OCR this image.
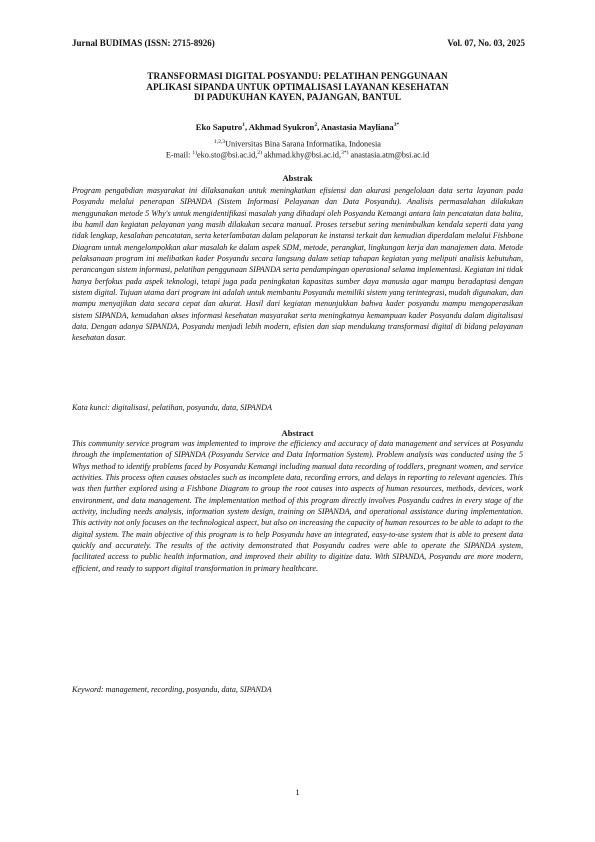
Jurnal BUDIMAS (ISSN: 2715-8926)	Vol. 07, No. 03, 2025
TRANSFORMASI DIGITAL POSYANDU: PELATIHAN PENGGUNAAN
APLIKASI SIPANDA UNTUK OPTIMALISASI LAYANAN KESEHATAN
DI PADUKUHAN KAYEN, PAJANGAN, BANTUL
Eko Saputro$^1$, Akhmad Syukron$^2$, Anastasia Mayliana$^{3*}$
$^{1,2,3}$Universitas Bina Sarana Informatika, Indonesia
E-mail: $^{1)}$eko.sto@bsi.ac.id,$^{2)}$ akhmad.khy@bsi.ac.id,$^{3*)}$ anastasia.atm@bsi.ac.id
Abstrak

Program pengabdian masyarakat ini dilaksanakan untuk meningkatkan efisiensi dan akurasi pengelolaan data serta layanan pada Posyandu melalui penerapan SIPANDA (Sistem Informasi Pelayanan dan Data Posyandu). Analisis permasalahan dilakukan menggunakan metode 5 Why's untuk mengidentifikasi masalah yang dihadapi oleh Posyandu Kemangi antara lain pencatatan data balita, ibu hamil dan kegiatan pelayanan yang masih dilakukan secara manual. Proses tersebut sering menimbulkan kendala seperti data yang tidak lengkap, kesalahan pencatatan, serta keterlambatan dalam pelaporan ke instansi terkait dan kemudian diperdalam melalui Fishbone Diagram untuk mengelompokkan akar masalah ke dalam aspek SDM, metode, perangkat, lingkungan kerja dan manajemen data. Metode pelaksanaan program ini melibatkan kader Posyandu secara langsung dalam setiap tahapan kegiatan yang meliputi analisis kebutuhan, perancangan sistem informasi, pelatihan penggunaan SIPANDA serta pendampingan operasional selama implementasi. Kegiatan ini tidak hanya berfokus pada aspek teknologi, tetapi juga pada peningkatan kapasitas sumber daya manusia agar mampu beradaptasi dengan sistem digital. Tujuan utama dari program ini adalah untuk membantu Posyandu memiliki sistem yang terintegrasi, mudah digunakan, dan mampu menyajikan data secara cepat dan akurat. Hasil dari kegiatan menunjukkan bahwa kader posyandu mampu mengoperasikan sistem SIPANDA, kemudahan akses informasi kesehatan masyarakat serta meningkatnya kemampuan kader Posyandu dalam digitalisasi data. Dengan adanya SIPANDA, Posyandu menjadi lebih modern, efisien dan siap mendukung transformasi digital di bidang pelayanan kesehatan dasar.

Kata kunci: digitalisasi, pelatihan, posyandu, data, SIPANDA
Abstract

This community service program was implemented to improve the efficiency and accuracy of data management and services at Posyandu through the implementation of SIPANDA (Posyandu Service and Data Information System). Problem analysis was conducted using the 5 Whys method to identify problems faced by Posyandu Kemangi including manual data recording of toddlers, pregnant women, and service activities. This process often causes obstacles such as incomplete data, recording errors, and delays in reporting to relevant agencies. This was then further explored using a Fishbone Diagram to group the root causes into aspects of human resources, methods, devices, work environment, and data management. The implementation method of this program directly involves Posyandu cadres in every stage of the activity, including needs analysis, information system design, training on SIPANDA, and operational assistance during implementation. This activity not only focuses on the technological aspect, but also on increasing the capacity of human resources to be able to adapt to the digital system. The main objective of this program is to help Posyandu have an integrated, easy-to-use system that is able to present data quickly and accurately. The results of the activity demonstrated that Posyandu cadres were able to operate the SIPANDA system, facilitated access to public health information, and improved their ability to digitize data. With SIPANDA, Posyandu are more modern, efficient, and ready to support digital transformation in primary healthcare.

Keyword: management, recording, posyandu, data, SIPANDA
1
